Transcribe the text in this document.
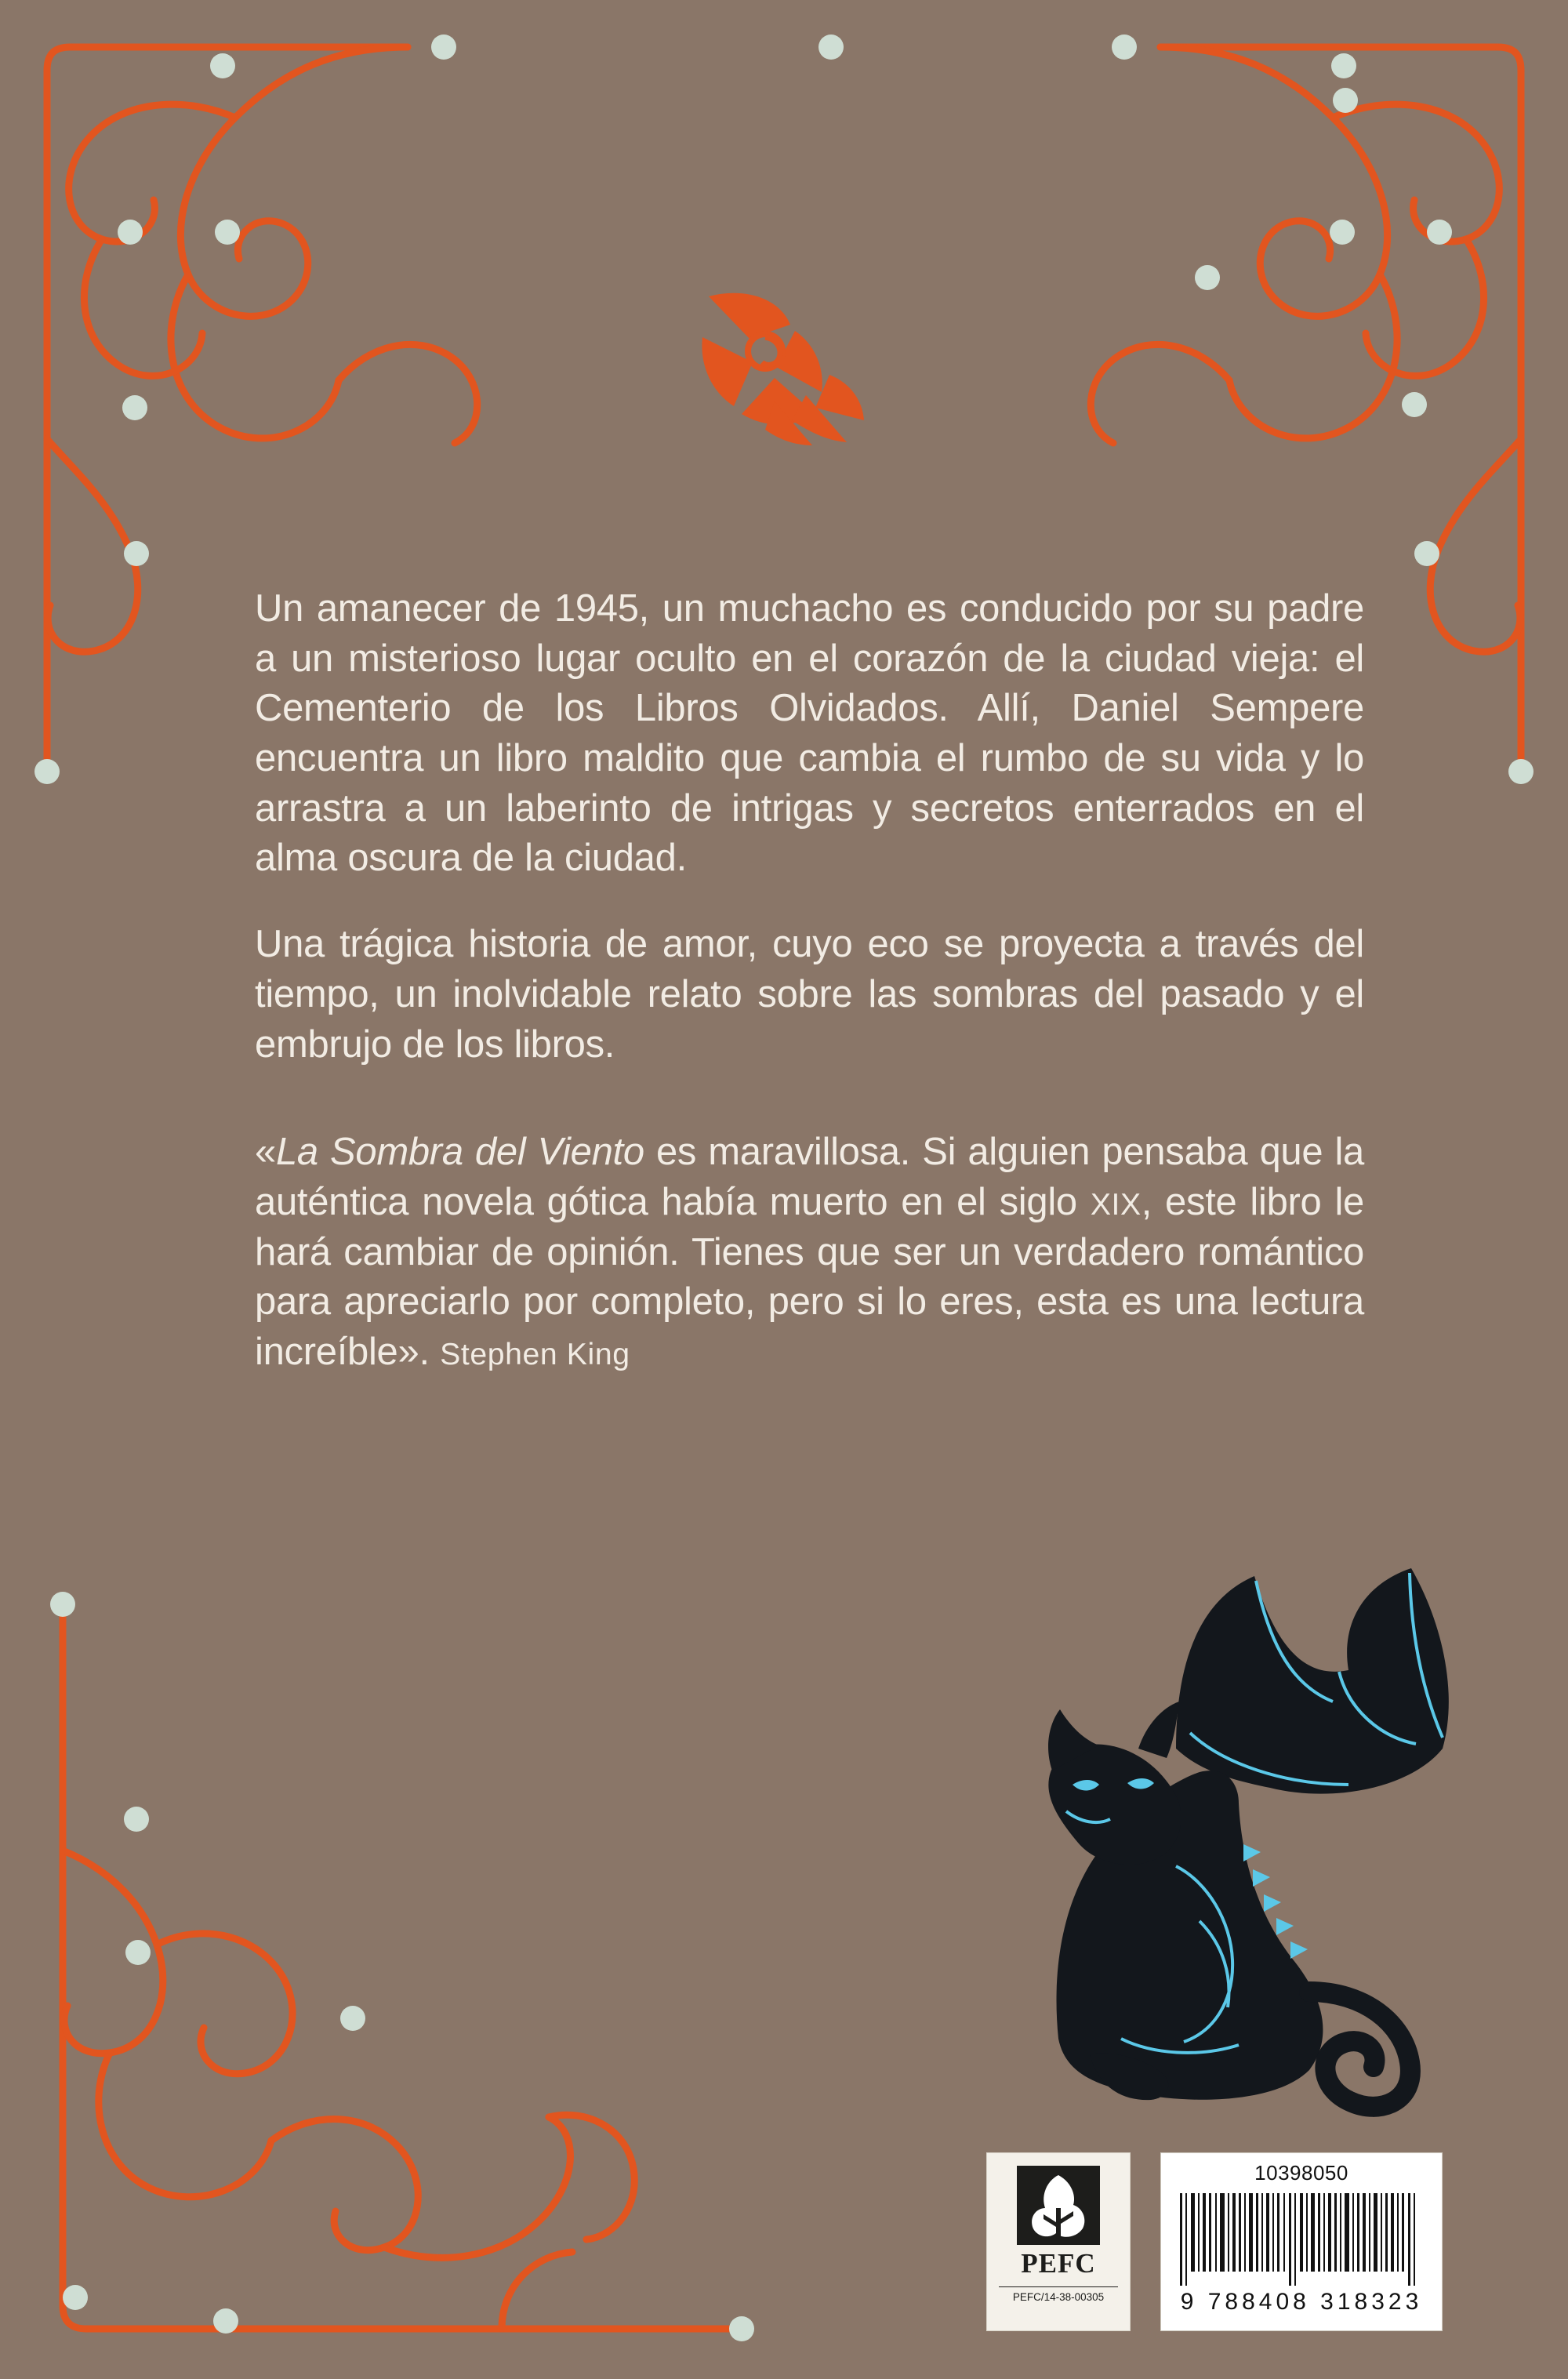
Un amanecer de 1945, un muchacho es conducido por su padre a un misterioso lugar oculto en el corazón de la ciudad vieja: el Cementerio de los Libros Olvidados. Allí, Daniel Sempere encuentra un libro maldito que cambia el rumbo de su vida y lo arrastra a un laberinto de intrigas y secretos enterrados en el alma oscura de la ciudad.

Una trágica historia de amor, cuyo eco se proyecta a través del tiempo, un inolvidable relato sobre las sombras del pasado y el embrujo de los libros.

«La Sombra del Viento es maravillosa. Si alguien pensaba que la auténtica novela gótica había muerto en el siglo XIX, este libro le hará cambiar de opinión. Tienes que ser un verdadero romántico para apreciarlo por completo, pero si lo eres, esta es una lectura increíble». Stephen King

PEFC
PEFC/14-38-00305
10398050
9 788408 318323
